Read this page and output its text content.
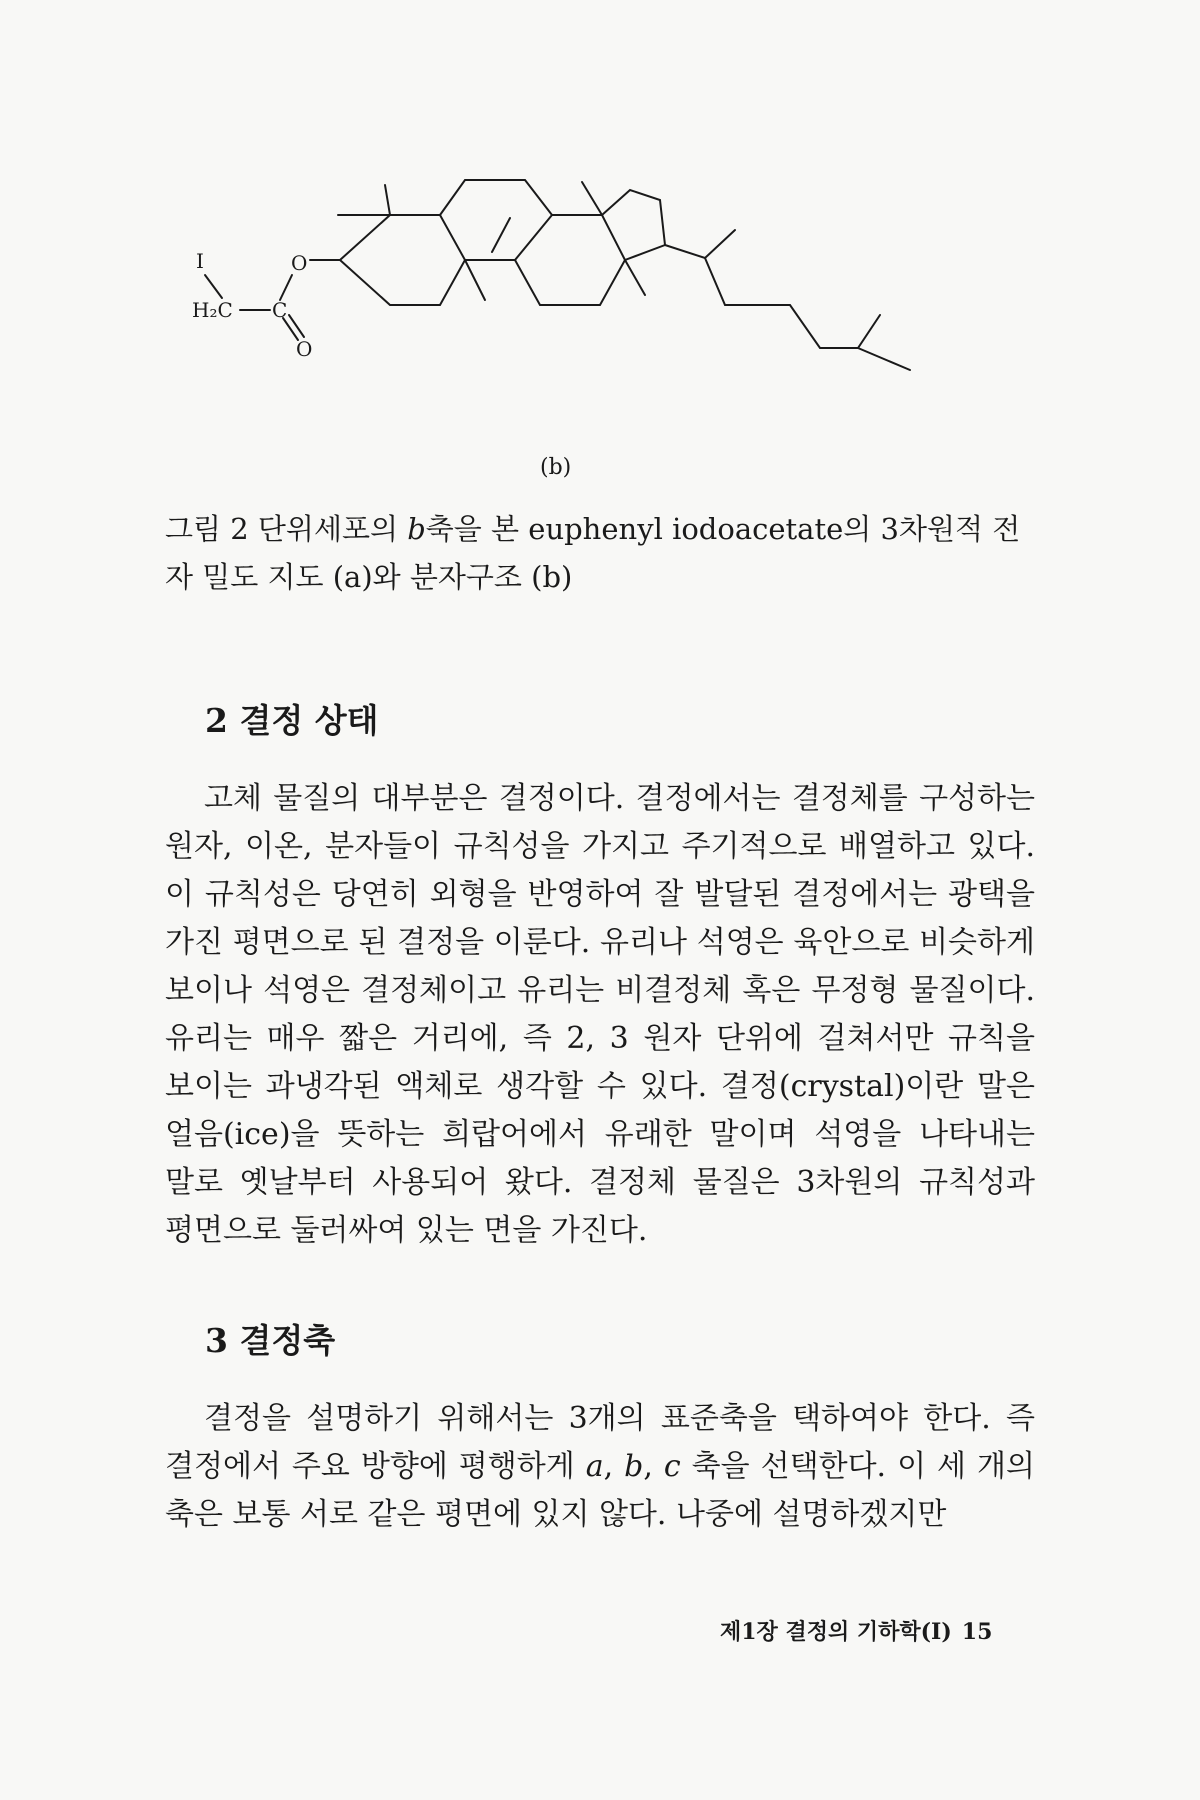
I
H₂C C
O
O
(b)
그림 2 단위세포의 b축을 본 euphenyl iodoacetate의 3차원적 전자 밀도 지도 (a)와 분자구조 (b)
2 결정 상태
고체 물질의 대부분은 결정이다. 결정에서는 결정체를 구성하는 원자, 이온, 분자들이 규칙성을 가지고 주기적으로 배열하고 있다. 이 규칙성은 당연히 외형을 반영하여 잘 발달된 결정에서는 광택을 가진 평면으로 된 결정을 이룬다. 유리나 석영은 육안으로 비슷하게 보이나 석영은 결정체이고 유리는 비결정체 혹은 무정형 물질이다. 유리는 매우 짧은 거리에, 즉 2, 3 원자 단위에 걸쳐서만 규칙을 보이는 과냉각된 액체로 생각할 수 있다. 결정(crystal)이란 말은 얼음(ice)을 뜻하는 희랍어에서 유래한 말이며 석영을 나타내는 말로 옛날부터 사용되어 왔다. 결정체 물질은 3차원의 규칙성과 평면으로 둘러싸여 있는 면을 가진다.
3 결정축
결정을 설명하기 위해서는 3개의 표준축을 택하여야 한다. 즉 결정에서 주요 방향에 평행하게 a, b, c 축을 선택한다. 이 세 개의 축은 보통 서로 같은 평면에 있지 않다. 나중에 설명하겠지만
제1장 결정의 기하학(I) 15
